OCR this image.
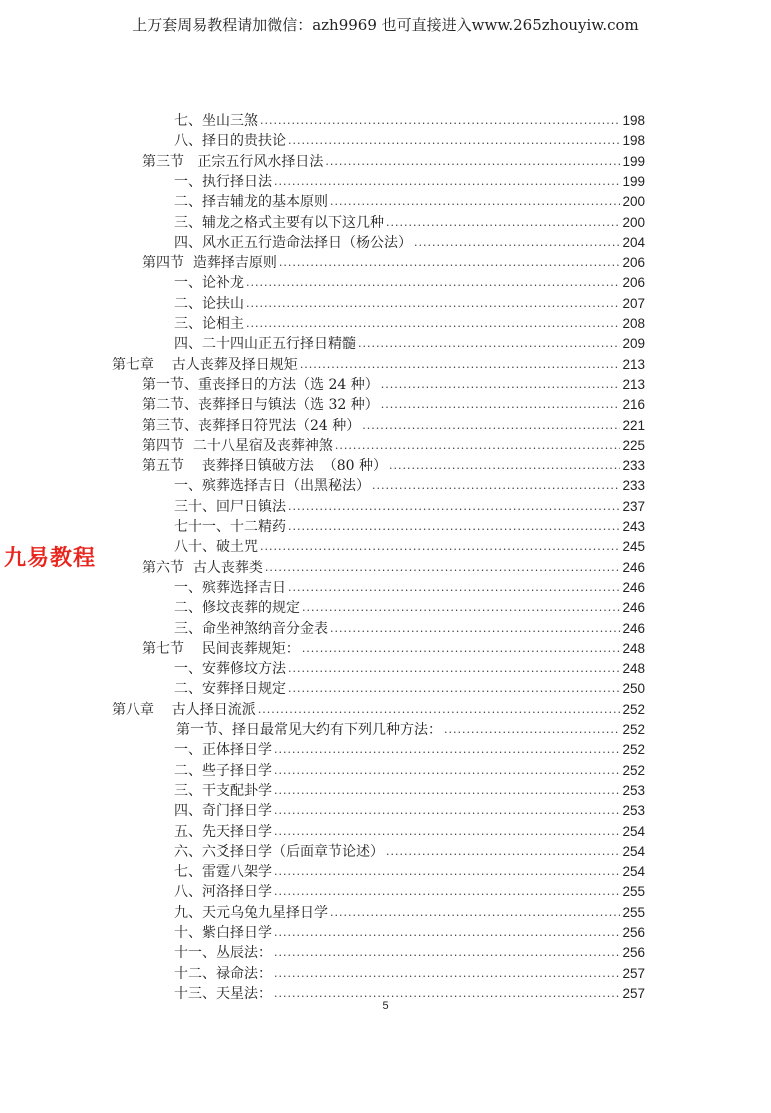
上万套周易教程请加微信：azh9969 也可直接进入www.265zhouyiw.com
九易教程
七、坐山三煞 .....	198
八、择日的贵扶论 .....	198
第三节   正宗五行风水择日法 .....	199
一、执行择日法 .....	199
二、择吉辅龙的基本原则 .....	200
三、辅龙之格式主要有以下这几种 .....	200
四、风水正五行造命法择日（杨公法） .....	204
第四节  造葬择吉原则 .....	206
一、论补龙 .....	206
二、论扶山 .....	207
三、论相主 .....	208
四、二十四山正五行择日精髓 .....	209
第七章    古人丧葬及择日规矩 .....	213
第一节、重丧择日的方法（选 24 种） .....	213
第二节、丧葬择日与镇法（选 32 种） .....	216
第三节、丧葬择日符咒法（24 种） .....	221
第四节  二十八星宿及丧葬神煞 .....	225
第五节    丧葬择日镇破方法  （80 种） .....	233
一、殡葬选择吉日（出黑秘法） .....	233
三十、回尸日镇法 .....	237
七十一、十二精药 .....	243
八十、破土咒 .....	245
第六节  古人丧葬类 .....	246
一、殡葬选择吉日 .....	246
二、修坟丧葬的规定 .....	246
三、命坐神煞纳音分金表 .....	246
第七节    民间丧葬规矩： .....	248
一、安葬修坟方法 .....	248
二、安葬择日规定 .....	250
第八章    古人择日流派 .....	252
第一节、择日最常见大约有下列几种方法： .....	252
一、正体择日学 .....	252
二、些子择日学 .....	252
三、干支配卦学 .....	253
四、奇门择日学 .....	253
五、先天择日学 .....	254
六、六爻择日学（后面章节论述） .....	254
七、雷霆八架学 .....	254
八、河洛择日学 .....	255
九、天元乌兔九星择日学 .....	255
十、紫白择日学 .....	256
十一、丛辰法： .....	256
十二、禄命法： .....	257
十三、天星法： .....	257
5
